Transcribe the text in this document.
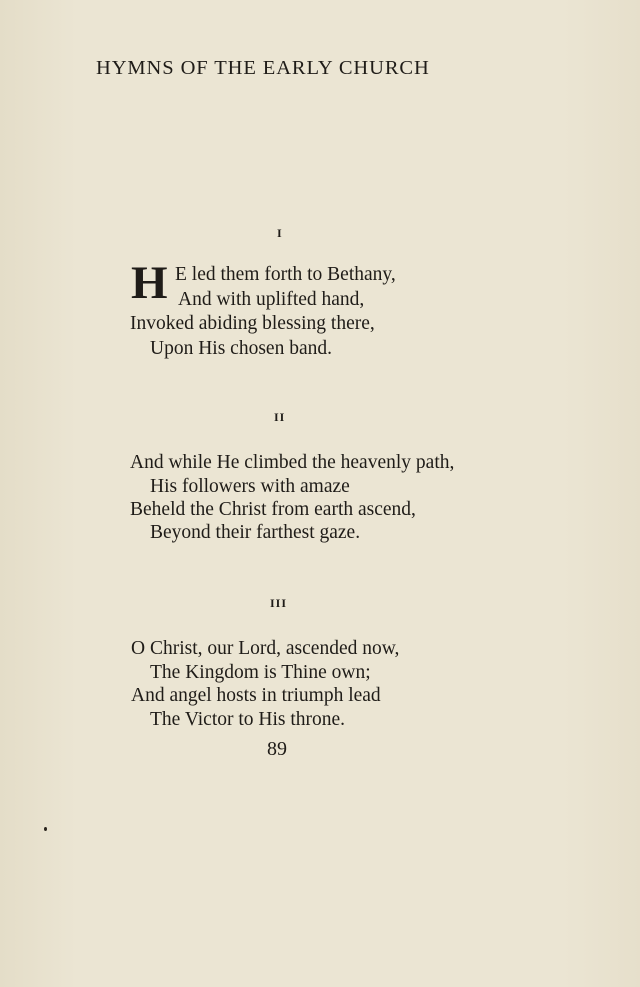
HYMNS OF THE EARLY CHURCH
I
H E led them forth to Bethany,
And with uplifted hand,
Invoked abiding blessing there,
Upon His chosen band.
II
And while He climbed the heavenly path,
His followers with amaze
Beheld the Christ from earth ascend,
Beyond their farthest gaze.
III
O Christ, our Lord, ascended now,
The Kingdom is Thine own;
And angel hosts in triumph lead
The Victor to His throne.
89
